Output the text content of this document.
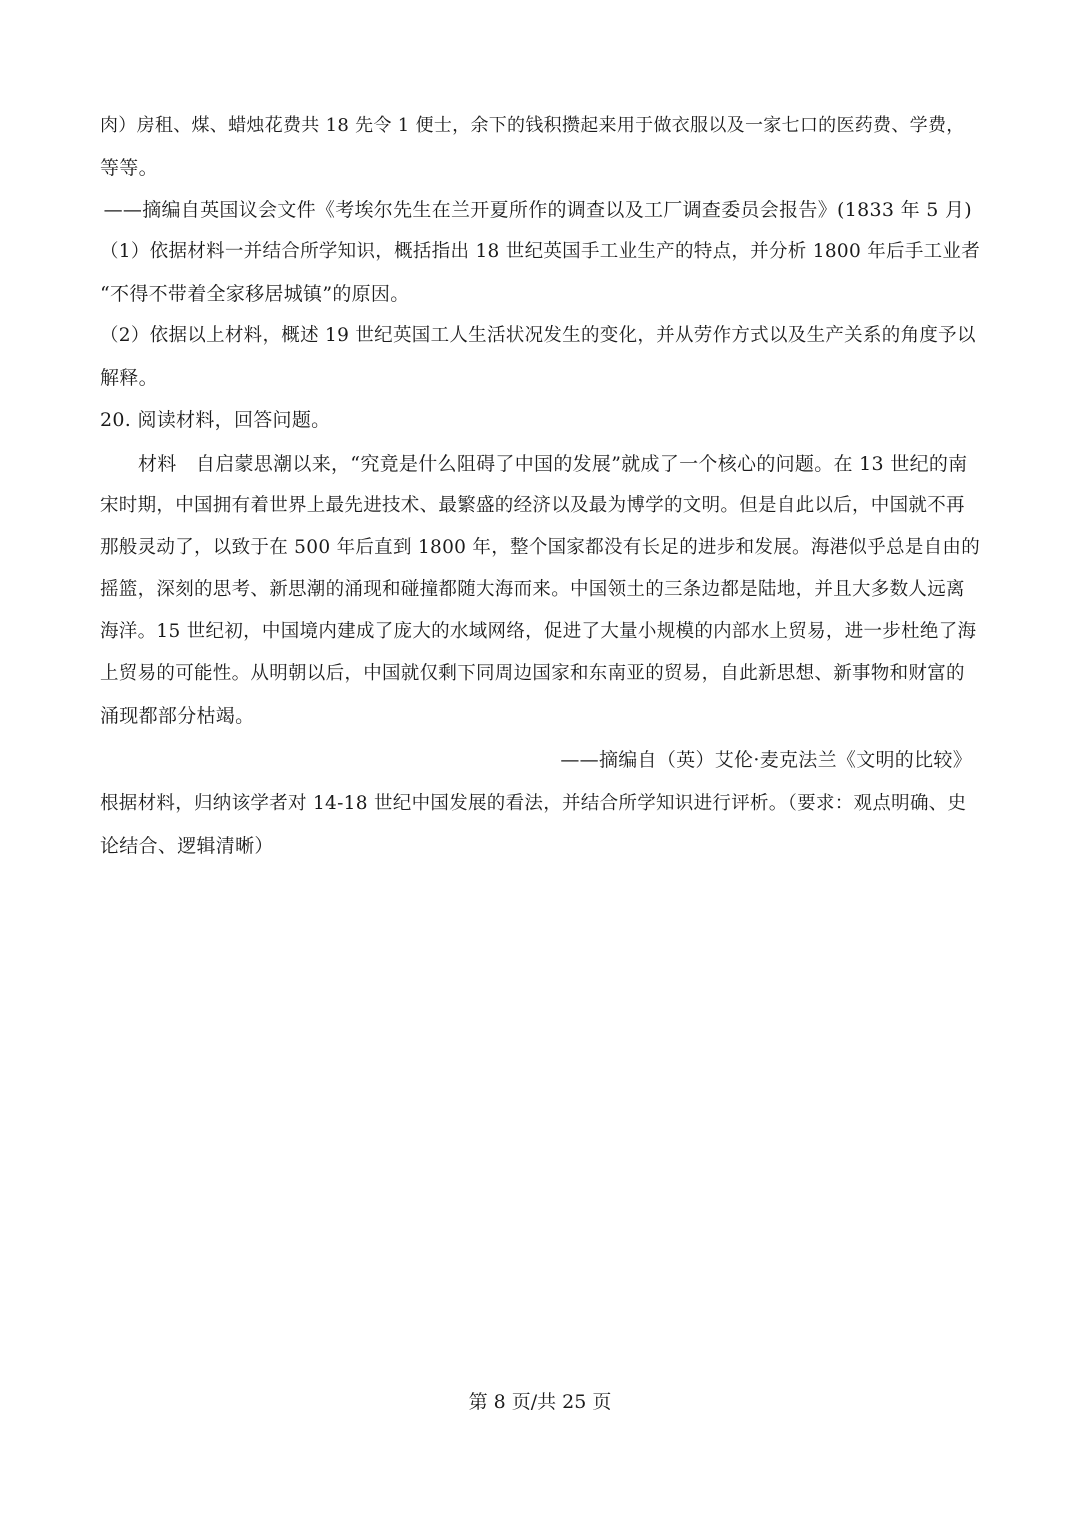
肉）房租、煤、蜡烛花费共 18 先令 1 便士，余下的钱积攒起来用于做衣服以及一家七口的医药费、学费，
等等。
——摘编自英国议会文件《考埃尔先生在兰开夏所作的调查以及工厂调查委员会报告》(1833 年 5 月)
（1）依据材料一并结合所学知识，概括指出 18 世纪英国手工业生产的特点，并分析 1800 年后手工业者
“不得不带着全家移居城镇”的原因。
（2）依据以上材料，概述 19 世纪英国工人生活状况发生的变化，并从劳作方式以及生产关系的角度予以
解释。
20. 阅读材料，回答问题。
材料　自启蒙思潮以来，“究竟是什么阻碍了中国的发展”就成了一个核心的问题。在 13 世纪的南
宋时期，中国拥有着世界上最先进技术、最繁盛的经济以及最为博学的文明。但是自此以后，中国就不再
那般灵动了，以致于在 500 年后直到 1800 年，整个国家都没有长足的进步和发展。海港似乎总是自由的
摇篮，深刻的思考、新思潮的涌现和碰撞都随大海而来。中国领土的三条边都是陆地，并且大多数人远离
海洋。15 世纪初，中国境内建成了庞大的水域网络，促进了大量小规模的内部水上贸易，进一步杜绝了海
上贸易的可能性。从明朝以后，中国就仅剩下同周边国家和东南亚的贸易，自此新思想、新事物和财富的
涌现都部分枯竭。
——摘编自（英）艾伦·麦克法兰《文明的比较》
根据材料，归纳该学者对 14-18 世纪中国发展的看法，并结合所学知识进行评析。（要求：观点明确、史
论结合、逻辑清晰）
第 8 页/共 25 页
